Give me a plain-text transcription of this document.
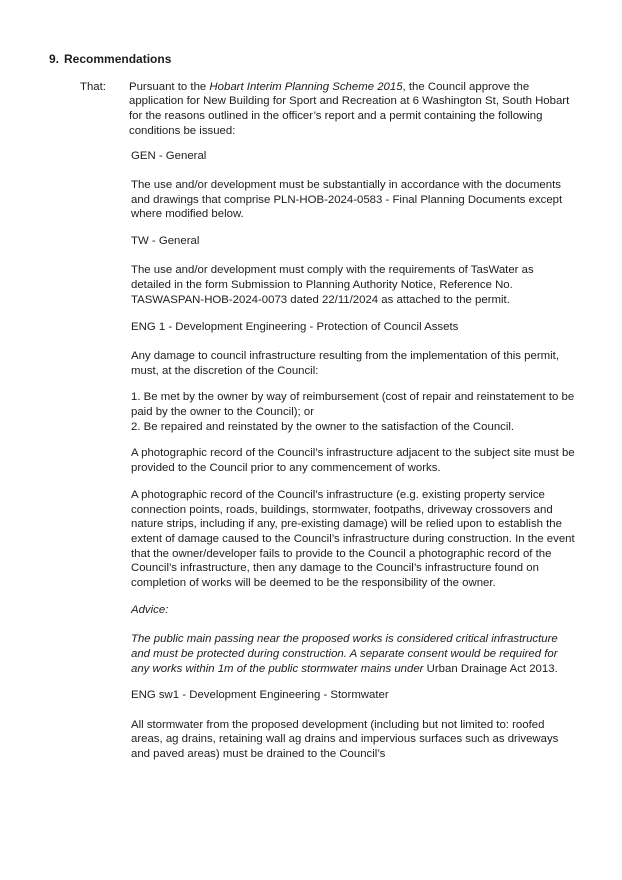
9. Recommendations
That:	Pursuant to the Hobart Interim Planning Scheme 2015, the Council approve the application for New Building for Sport and Recreation at 6 Washington St, South Hobart for the reasons outlined in the officer’s report and a permit containing the following conditions be issued:

GEN - General

The use and/or development must be substantially in accordance with the documents and drawings that comprise PLN-HOB-2024-0583 - Final Planning Documents except where modified below.

TW - General

The use and/or development must comply with the requirements of TasWater as detailed in the form Submission to Planning Authority Notice, Reference No. TASWASPAN-HOB-2024-0073 dated 22/11/2024 as attached to the permit.

ENG 1 - Development Engineering - Protection of Council Assets

Any damage to council infrastructure resulting from the implementation of this permit, must, at the discretion of the Council:

1. Be met by the owner by way of reimbursement (cost of repair and reinstatement to be paid by the owner to the Council); or

2. Be repaired and reinstated by the owner to the satisfaction of the Council.

A photographic record of the Council’s infrastructure adjacent to the subject site must be provided to the Council prior to any commencement of works.

A photographic record of the Council’s infrastructure (e.g. existing property service connection points, roads, buildings, stormwater, footpaths, driveway crossovers and nature strips, including if any, pre-existing damage) will be relied upon to establish the extent of damage caused to the Council’s infrastructure during construction. In the event that the owner/developer fails to provide to the Council a photographic record of the Council’s infrastructure, then any damage to the Council’s infrastructure found on completion of works will be deemed to be the responsibility of the owner.

Advice:

The public main passing near the proposed works is considered critical infrastructure and must be protected during construction. A separate consent would be required for any works within 1m of the public stormwater mains under Urban Drainage Act 2013.

ENG sw1 - Development Engineering - Stormwater

All stormwater from the proposed development (including but not limited to: roofed areas, ag drains, retaining wall ag drains and impervious surfaces such as driveways and paved areas) must be drained to the Council’s
